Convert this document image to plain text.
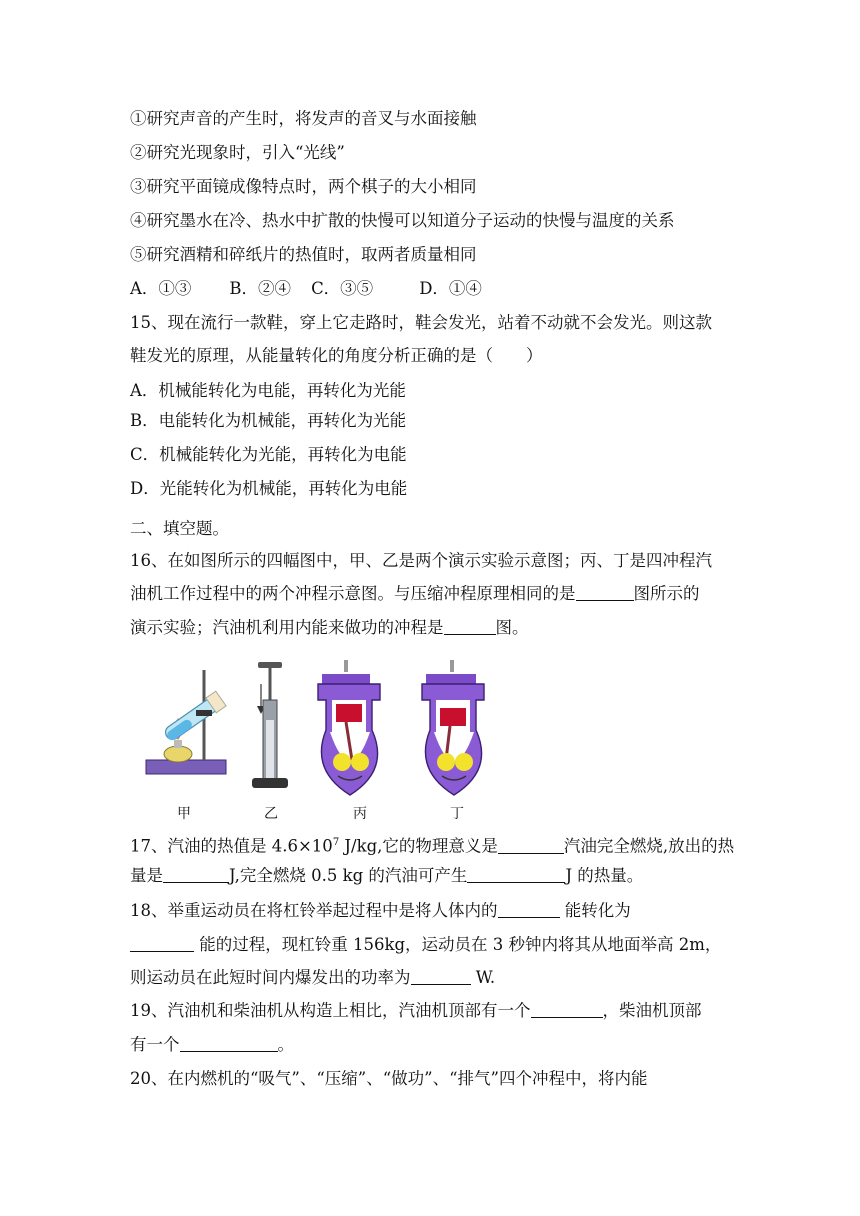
①研究声音的产生时，将发声的音叉与水面接触
②研究光现象时，引入“光线”
③研究平面镜成像特点时，两个棋子的大小相同
④研究墨水在冷、热水中扩散的快慢可以知道分子运动的快慢与温度的关系
⑤研究酒精和碎纸片的热值时，取两者质量相同
A．①③ B．②④ C．③⑤	D．①④
15、现在流行一款鞋，穿上它走路时，鞋会发光，站着不动就不会发光。则这款
鞋发光的原理，从能量转化的角度分析正确的是（　　）
A．机械能转化为电能，再转化为光能
B．电能转化为机械能，再转化为光能
C．机械能转化为光能，再转化为电能
D．光能转化为机械能，再转化为电能
二、填空题。
16、在如图所示的四幅图中，甲、乙是两个演示实验示意图；丙、丁是四冲程汽
油机工作过程中的两个冲程示意图。与压缩冲程原理相同的是	图所示的
演示实验；汽油机利用内能来做功的冲程是	图。
甲	乙	丙	丁
17、汽油的热值是 $4.6\times 10^7$ J/kg,它的物理意义是	汽油完全燃烧,放出的热
量是	J,完全燃烧 0.5 kg 的汽油可产生	J 的热量。
18、举重运动员在将杠铃举起过程中是将人体内的	能转化为
能的过程，现杠铃重 156kg，运动员在 3 秒钟内将其从地面举高 2m，
则运动员在此短时间内爆发出的功率为	W.
19、汽油机和柴油机从构造上相比，汽油机顶部有一个	，柴油机顶部
有一个	。
20、在内燃机的“吸气”、“压缩”、“做功”、“排气”四个冲程中，将内能
